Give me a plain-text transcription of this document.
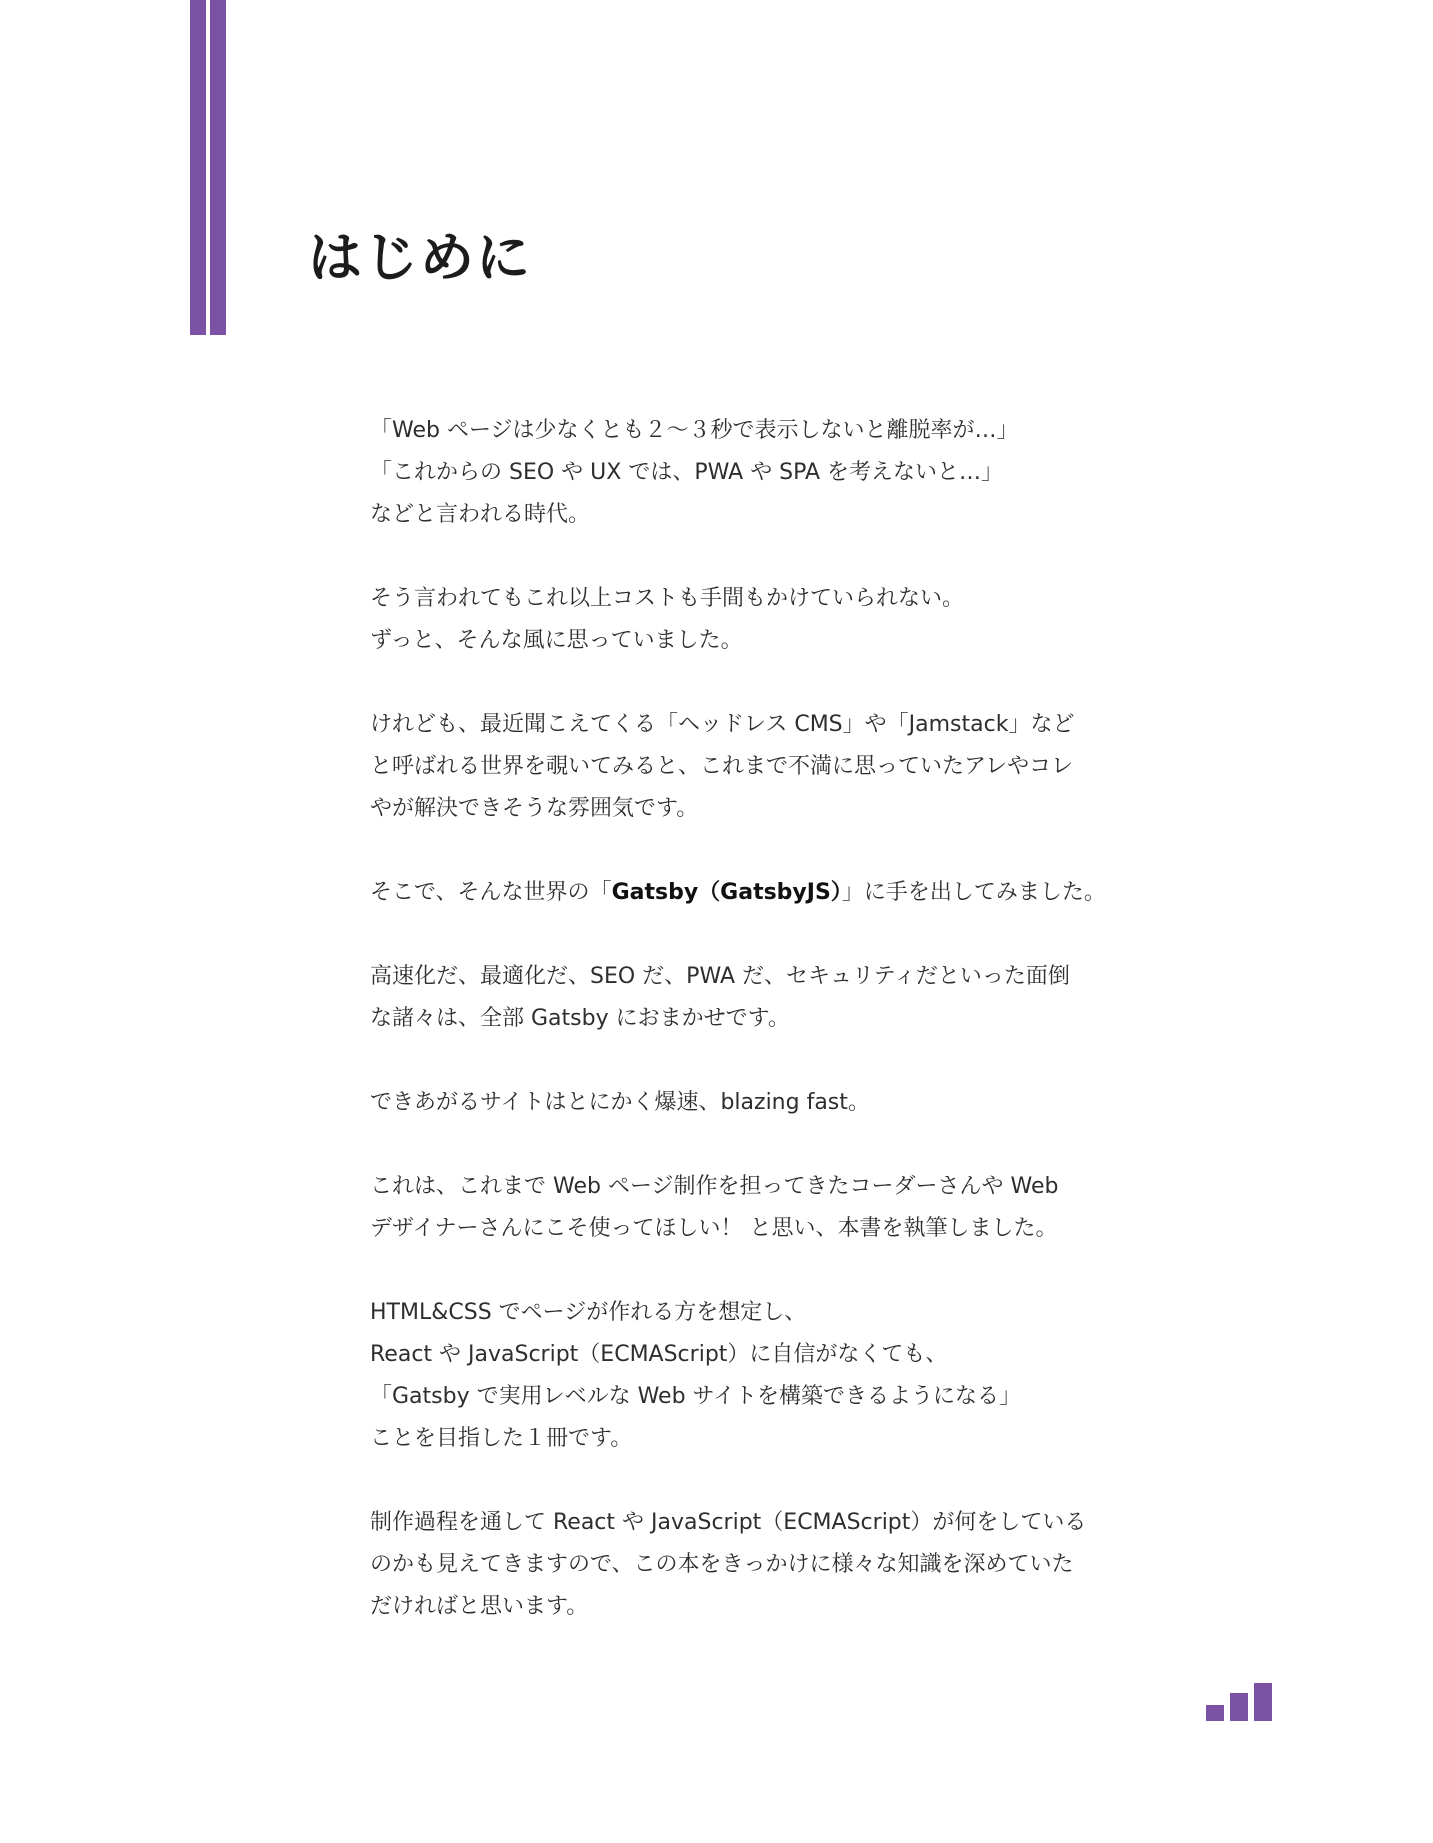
はじめに

「Web ページは少なくとも２～３秒で表示しないと離脱率が…」
「これからの SEO や UX では、PWA や SPA を考えないと…」
などと言われる時代。

そう言われてもこれ以上コストも手間もかけていられない。
ずっと、そんな風に思っていました。

けれども、最近聞こえてくる「ヘッドレス CMS」や「Jamstack」など
と呼ばれる世界を覗いてみると、これまで不満に思っていたアレやコレ
やが解決できそうな雰囲気です。

そこで、そんな世界の「Gatsby（GatsbyJS）」に手を出してみました。

高速化だ、最適化だ、SEO だ、PWA だ、セキュリティだといった面倒
な諸々は、全部 Gatsby におまかせです。

できあがるサイトはとにかく爆速、blazing fast。

これは、これまで Web ページ制作を担ってきたコーダーさんや Web
デザイナーさんにこそ使ってほしい！ と思い、本書を執筆しました。

HTML&CSS でページが作れる方を想定し、
React や JavaScript（ECMAScript）に自信がなくても、
「Gatsby で実用レベルな Web サイトを構築できるようになる」
ことを目指した１冊です。

制作過程を通して React や JavaScript（ECMAScript）が何をしている
のかも見えてきますので、この本をきっかけに様々な知識を深めていた
だければと思います。
